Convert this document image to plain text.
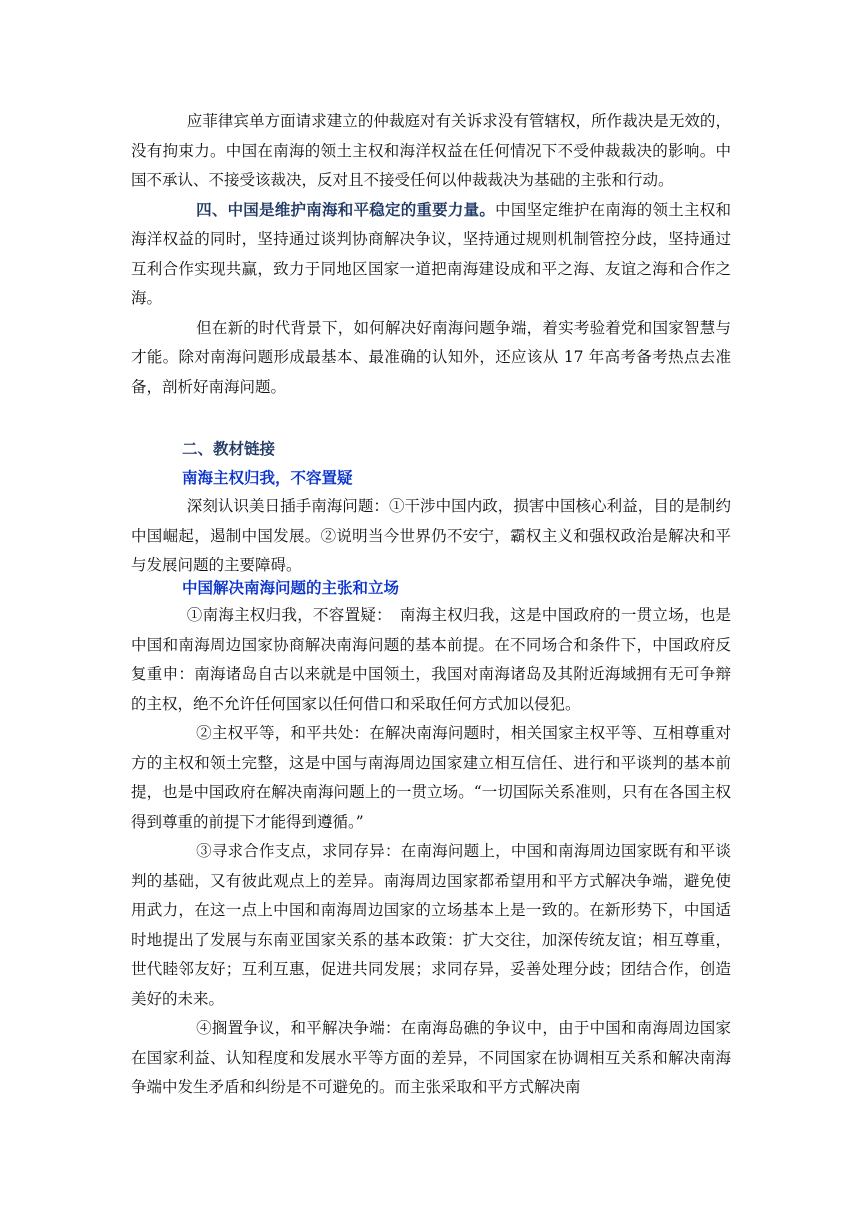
应菲律宾单方面请求建立的仲裁庭对有关诉求没有管辖权，所作裁决是无效的，没有拘束力。中国在南海的领土主权和海洋权益在任何情况下不受仲裁裁决的影响。中国不承认、不接受该裁决，反对且不接受任何以仲裁裁决为基础的主张和行动。

四、中国是维护南海和平稳定的重要力量。中国坚定维护在南海的领土主权和海洋权益的同时，坚持通过谈判协商解决争议，坚持通过规则机制管控分歧，坚持通过互利合作实现共赢，致力于同地区国家一道把南海建设成和平之海、友谊之海和合作之海。

但在新的时代背景下，如何解决好南海问题争端，着实考验着党和国家智慧与才能。除对南海问题形成最基本、最准确的认知外，还应该从 17 年高考备考热点去准备，剖析好南海问题。

二、教材链接

南海主权归我，不容置疑

深刻认识美日插手南海问题：①干涉中国内政，损害中国核心利益，目的是制约中国崛起，遏制中国发展。②说明当今世界仍不安宁，霸权主义和强权政治是解决和平与发展问题的主要障碍。

中国解决南海问题的主张和立场

①南海主权归我，不容置疑：　南海主权归我，这是中国政府的一贯立场，也是中国和南海周边国家协商解决南海问题的基本前提。在不同场合和条件下，中国政府反复重申：南海诸岛自古以来就是中国领土，我国对南海诸岛及其附近海域拥有无可争辩的主权，绝不允许任何国家以任何借口和采取任何方式加以侵犯。

②主权平等，和平共处：在解决南海问题时，相关国家主权平等、互相尊重对方的主权和领土完整，这是中国与南海周边国家建立相互信任、进行和平谈判的基本前提，也是中国政府在解决南海问题上的一贯立场。“一切国际关系准则，只有在各国主权得到尊重的前提下才能得到遵循。”

③寻求合作支点，求同存异：在南海问题上，中国和南海周边国家既有和平谈判的基础，又有彼此观点上的差异。南海周边国家都希望用和平方式解决争端，避免使用武力，在这一点上中国和南海周边国家的立场基本上是一致的。在新形势下，中国适时地提出了发展与东南亚国家关系的基本政策：扩大交往，加深传统友谊；相互尊重，世代睦邻友好；互利互惠，促进共同发展；求同存异，妥善处理分歧；团结合作，创造美好的未来。

④搁置争议，和平解决争端：在南海岛礁的争议中，由于中国和南海周边国家在国家利益、认知程度和发展水平等方面的差异，不同国家在协调相互关系和解决南海争端中发生矛盾和纠纷是不可避免的。而主张采取和平方式解决南
